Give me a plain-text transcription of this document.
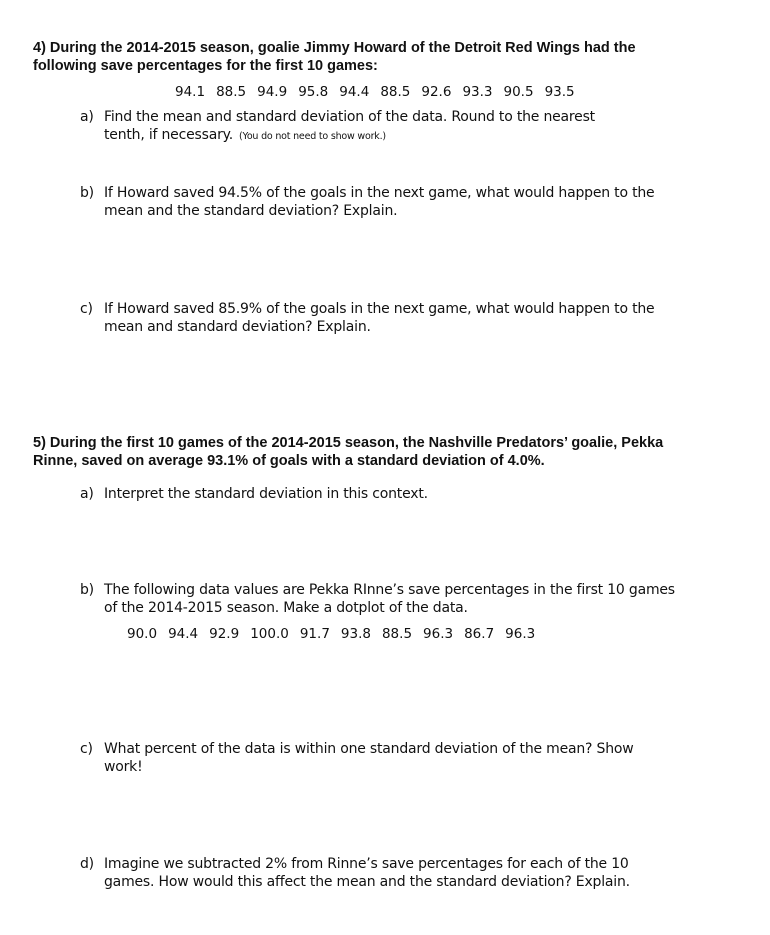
4) During the 2014-2015 season, goalie Jimmy Howard of the Detroit Red Wings had the
following save percentages for the first 10 games:
94.1 88.5 94.9 95.8 94.4 88.5 92.6 93.3 90.5 93.5
a) Find the mean and standard deviation of the data. Round to the nearest
tenth, if necessary. (You do not need to show work.)
b) If Howard saved 94.5% of the goals in the next game, what would happen to the
mean and the standard deviation? Explain.
c) If Howard saved 85.9% of the goals in the next game, what would happen to the
mean and standard deviation? Explain.
5) During the first 10 games of the 2014-2015 season, the Nashville Predators’ goalie, Pekka
Rinne, saved on average 93.1% of goals with a standard deviation of 4.0%.
a) Interpret the standard deviation in this context.
b) The following data values are Pekka RInne’s save percentages in the first 10 games
of the 2014-2015 season. Make a dotplot of the data.
90.0 94.4 92.9 100.0 91.7 93.8 88.5 96.3 86.7 96.3
c) What percent of the data is within one standard deviation of the mean? Show
work!
d) Imagine we subtracted 2% from Rinne’s save percentages for each of the 10
games. How would this affect the mean and the standard deviation? Explain.
